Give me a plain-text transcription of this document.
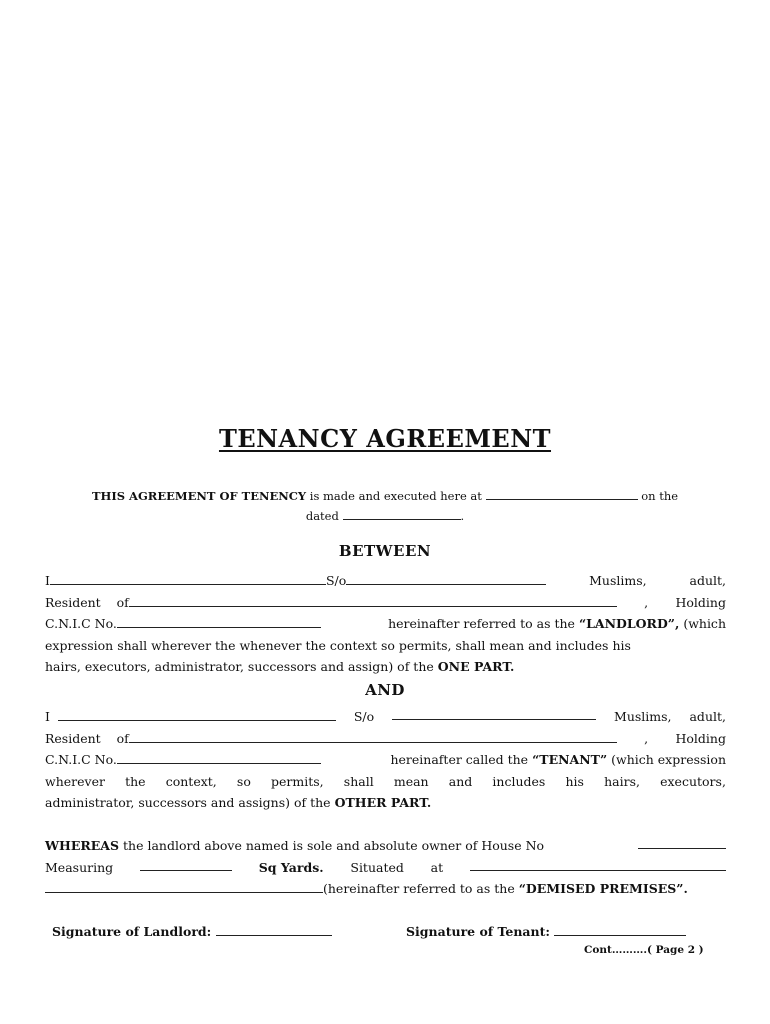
TENANCY AGREEMENT
THIS AGREEMENT OF TENENCY is made and executed here at	on the
dated	.
BETWEEN
I	S/o	Muslims,	adult,
Resident of	, Holding
C.N.I.C No.	hereinafter referred to as the “LANDLORD”, (which
expression shall wherever the whenever the context so permits, shall mean and includes his
hairs, executors, administrator, successors and assign) of the ONE PART.
AND
I	S/o	Muslims, adult,
Resident of	, Holding
C.N.I.C No.	hereinafter called the “TENANT” (which expression
wherever the context, so permits, shall mean and includes his hairs, executors,
administrator, successors and assigns) of the OTHER PART.
WHEREAS the landlord above named is sole and absolute owner of House No
Measuring	Sq Yards. Situated at
(hereinafter referred to as the “DEMISED PREMISES”.
Signature of Landlord:	Signature of Tenant:
Cont……….( Page 2 )
